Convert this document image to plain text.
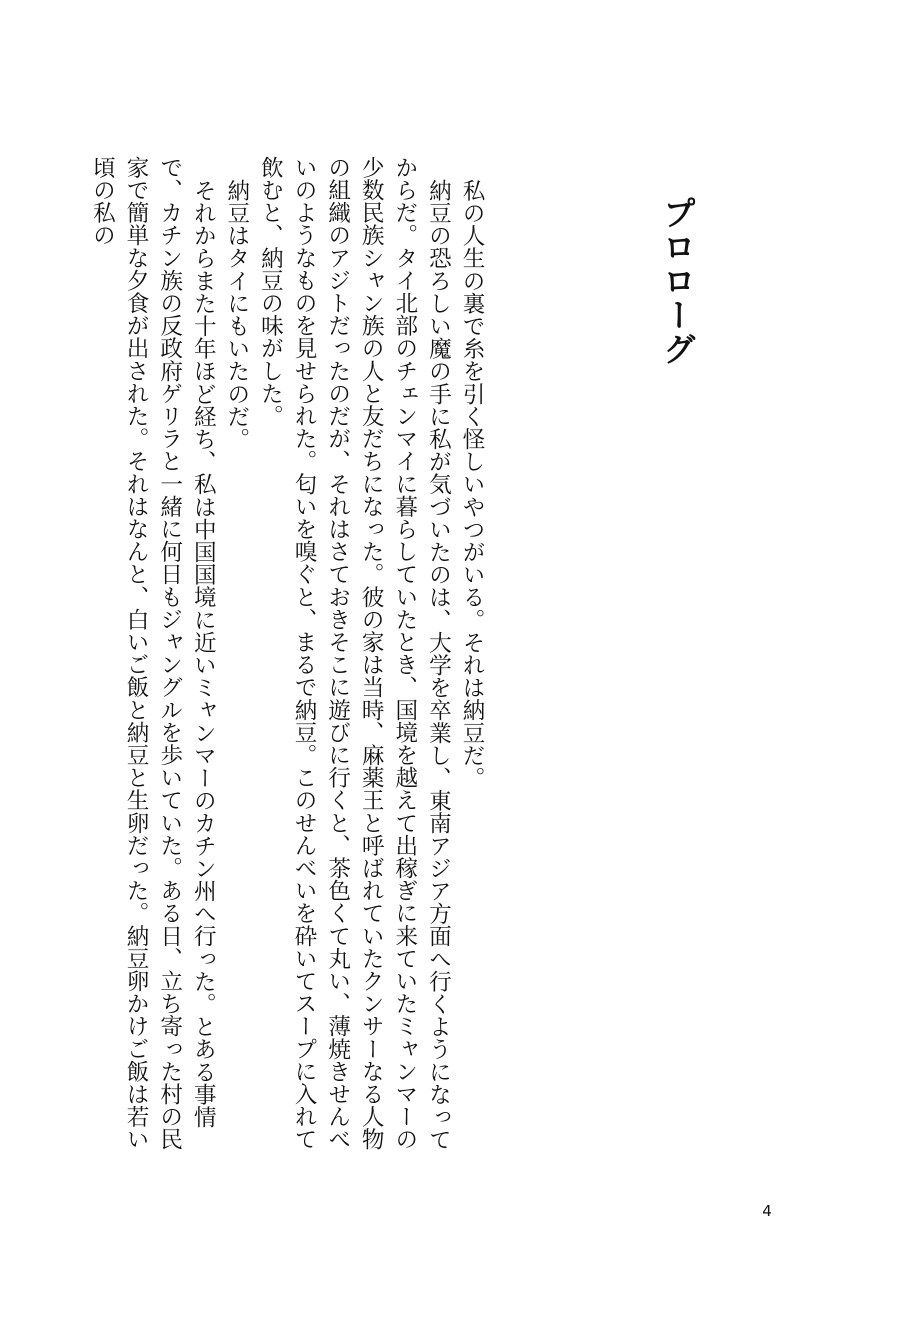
プロローグ

私の人生の裏で糸を引く怪しいやつがいる。それは納豆だ。

納豆の恐ろしい魔の手に私が気づいたのは、大学を卒業し、東南アジア方面へ行くようになってからだ。タイ北部のチェンマイに暮らしていたとき、国境を越えて出稼ぎに来ていたミャンマーの少数民族シャン族の人と友だちになった。彼の家は当時、麻薬王と呼ばれていたクンサーなる人物の組織のアジトだったのだが、それはさておきそこに遊びに行くと、茶色くて丸い、薄焼きせんべいのようなものを見せられた。匂いを嗅ぐと、まるで納豆。このせんべいを砕いてスープに入れて飲むと、納豆の味がした。

納豆はタイにもいたのだ。

それからまた十年ほど経ち、私は中国国境に近いミャンマーのカチン州へ行った。とある事情で、カチン族の反政府ゲリラと一緒に何日もジャングルを歩いていた。ある日、立ち寄った村の民家で簡単な夕食が出された。それはなんと、白いご飯と納豆と生卵だった。納豆卵かけご飯は若い頃の私の

4
